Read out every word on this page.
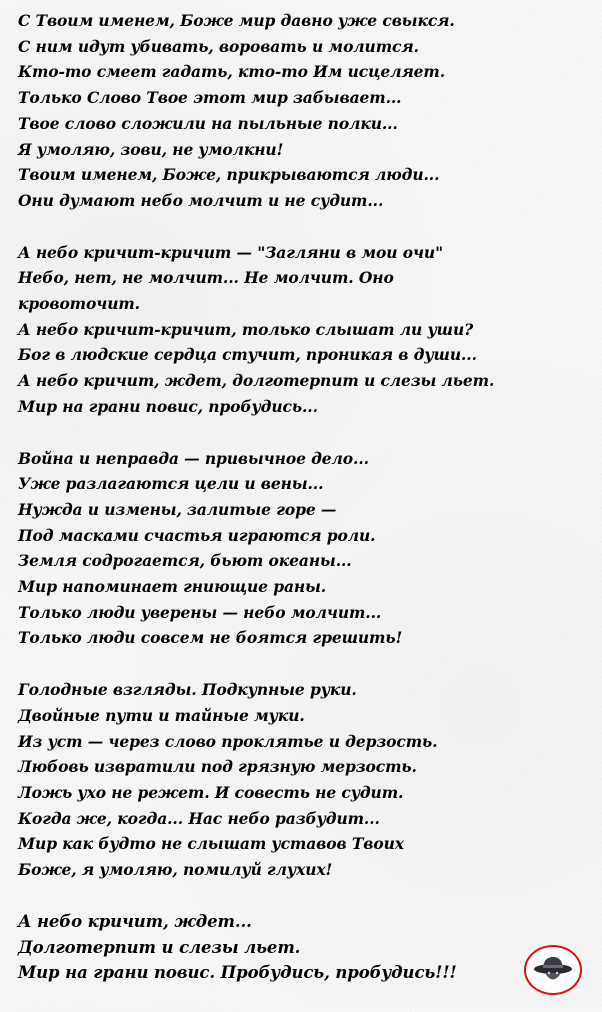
С Твоим именем, Боже мир давно уже свыкся.
С ним идут убивать, воровать и молится.
Кто-то смеет гадать, кто-то Им исцеляет.
Только Слово Твое этот мир забывает...
Твое слово сложили на пыльные полки...
Я умоляю, зови, не умолкни!
Твоим именем, Боже, прикрываются люди...
Они думают небо молчит и не судит...
А небо кричит-кричит — "Загляни в мои очи"
Небо, нет, не молчит... Не молчит. Оно
кровоточит.
А небо кричит-кричит, только слышат ли уши?
Бог в людские сердца стучит, проникая в души...
А небо кричит, ждет, долготерпит и слезы льет.
Мир на грани повис, пробудись...
Война и неправда — привычное дело...
Уже разлагаются цели и вены...
Нужда и измены, залитые горе —
Под масками счастья играются роли.
Земля содрогается, бьют океаны...
Мир напоминает гниющие раны.
Только люди уверены — небо молчит...
Только люди совсем не боятся грешить!
Голодные взгляды. Подкупные руки.
Двойные пути и тайные муки.
Из уст — через слово проклятье и дерзость.
Любовь извратили под грязную мерзость.
Ложь ухо не режет. И совесть не судит.
Когда же, когда... Нас небо разбудит...
Мир как будто не слышат уставов Твоих
Боже, я умоляю, помилуй глухих!
А небо кричит, ждет...
Долготерпит и слезы льет.
Мир на грани повис. Пробудись, пробудись!!!
